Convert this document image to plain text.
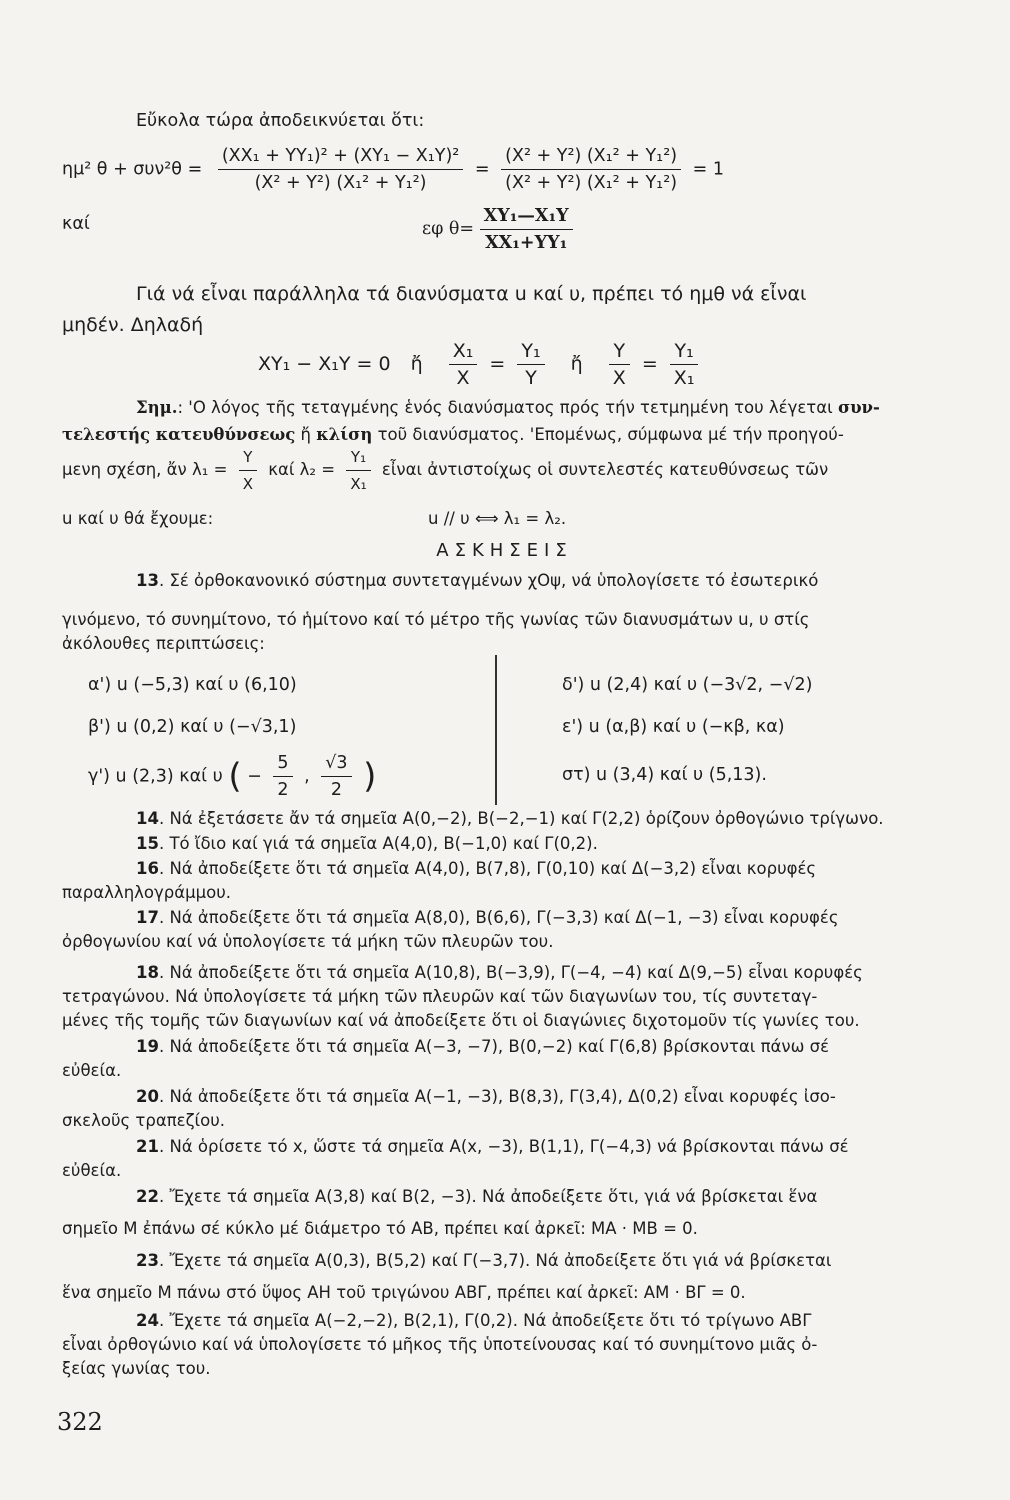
Εὔκολα τώρα ἀποδεικνύεται ὅτι:
ημ² $\theta + \sigma\upsilon\nu^2\theta = \frac{\text{(XX₁ + YY₁)² + (XY₁ − X₁Y)²}}{\text{(X² + Y²) (X₁² + Y₁²)}} = \frac{\text{(X² + Y²) (X₁² + Y₁²)}}{\text{(X² + Y²) (X₁² + Y₁²)}} = 1$
καί	εφ $\theta= \frac{\text{XY₁—X₁Y}}{\text{XX₁+YY₁}}$
Γιά νά εἶναι παράλληλα τά διανύσματα u καί υ, πρέπει τό ημθ νά εἶναι
μηδέν. Δηλαδή
XY₁ − X₁Y = 0 ἤ $\frac{\text{X₁}}{X} = \frac{\text{Y₁}}{Y}$ ἤ $\frac{Y}{X} = \frac{\text{Y₁}}{\text{X₁}}$
Σημ.: 'Ο λόγος τῆς τεταγμένης ἑνός διανύσματος πρός τήν τετμημένη του λέγεται συν-
τελεστής κατευθύνσεως ἤ κλίση τοῦ διανύσματος. 'Επομένως, σύμφωνα μέ τήν προηγού-
μενη σχέση, ἄν $\lambda_1 = \frac{Y}{X}$ καί $\lambda_2 = \frac{\text{Y₁}}{\text{X₁}}$ εἶναι ἀντιστοίχως οἱ συντελεστές κατευθύνσεως τῶν
u καί υ θά ἔχουμε:	u // υ ⟺ λ₁ = λ₂.
ΑΣΚΗΣΕΙΣ
13. Σέ ὀρθοκανονικό σύστημα συντεταγμένων χΟψ, νά ὑπολογίσετε τό ἐσωτερικό
γινόμενο, τό συνημίτονο, τό ἡμίτονο καί τό μέτρο τῆς γωνίας τῶν διανυσμάτων u, υ στίς
ἀκόλουθες περιπτώσεις:
α') u (−5,3) καί υ (6,10)
β') u (0,2) καί υ (−√3,1)
γ') u (2,3) καί υ ( − $\frac{5}{2}$ , $\frac{√3}{2}$ )
δ') u (2,4) καί υ (−3√2, −√2)
ε') u (α,β) καί υ (−κβ, κα)
στ) u (3,4) καί υ (5,13).
14. Νά ἐξετάσετε ἄν τά σημεῖα Α(0,−2), Β(−2,−1) καί Γ(2,2) ὁρίζουν ὀρθογώνιο τρίγωνο.
15. Τό ἴδιο καί γιά τά σημεῖα Α(4,0), Β(−1,0) καί Γ(0,2).
16. Νά ἀποδείξετε ὅτι τά σημεῖα Α(4,0), Β(7,8), Γ(0,10) καί Δ(−3,2) εἶναι κορυφές
παραλληλογράμμου.
17. Νά ἀποδείξετε ὅτι τά σημεῖα Α(8,0), Β(6,6), Γ(−3,3) καί Δ(−1, −3) εἶναι κορυφές
ὀρθογωνίου καί νά ὑπολογίσετε τά μήκη τῶν πλευρῶν του.
18. Νά ἀποδείξετε ὅτι τά σημεῖα Α(10,8), Β(−3,9), Γ(−4, −4) καί Δ(9,−5) εἶναι κορυφές
τετραγώνου. Νά ὑπολογίσετε τά μήκη τῶν πλευρῶν καί τῶν διαγωνίων του, τίς συντεταγ-
μένες τῆς τομῆς τῶν διαγωνίων καί νά ἀποδείξετε ὅτι οἱ διαγώνιες διχοτομοῦν τίς γωνίες του.
19. Νά ἀποδείξετε ὅτι τά σημεῖα Α(−3, −7), Β(0,−2) καί Γ(6,8) βρίσκονται πάνω σέ
εὐθεία.
20. Νά ἀποδείξετε ὅτι τά σημεῖα Α(−1, −3), Β(8,3), Γ(3,4), Δ(0,2) εἶναι κορυφές ἰσο-
σκελοῦς τραπεζίου.
21. Νά ὁρίσετε τό x, ὥστε τά σημεῖα Α(x, −3), Β(1,1), Γ(−4,3) νά βρίσκονται πάνω σέ
εὐθεία.
22. Ἔχετε τά σημεῖα Α(3,8) καί Β(2, −3). Νά ἀποδείξετε ὅτι, γιά νά βρίσκεται ἕνα
σημεῖο Μ ἐπάνω σέ κύκλο μέ διάμετρο τό ΑΒ, πρέπει καί ἀρκεῖ: ΜΑ · ΜΒ = 0.
23. Ἔχετε τά σημεῖα Α(0,3), Β(5,2) καί Γ(−3,7). Νά ἀποδείξετε ὅτι γιά νά βρίσκεται
ἕνα σημεῖο Μ πάνω στό ὕψος ΑΗ τοῦ τριγώνου ΑΒΓ, πρέπει καί ἀρκεῖ: ΑΜ · ΒΓ = 0.
24. Ἔχετε τά σημεῖα Α(−2,−2), Β(2,1), Γ(0,2). Νά ἀποδείξετε ὅτι τό τρίγωνο ΑΒΓ
εἶναι ὀρθογώνιο καί νά ὑπολογίσετε τό μῆκος τῆς ὑποτείνουσας καί τό συνημίτονο μιᾶς ὀ-
ξείας γωνίας του.
322
